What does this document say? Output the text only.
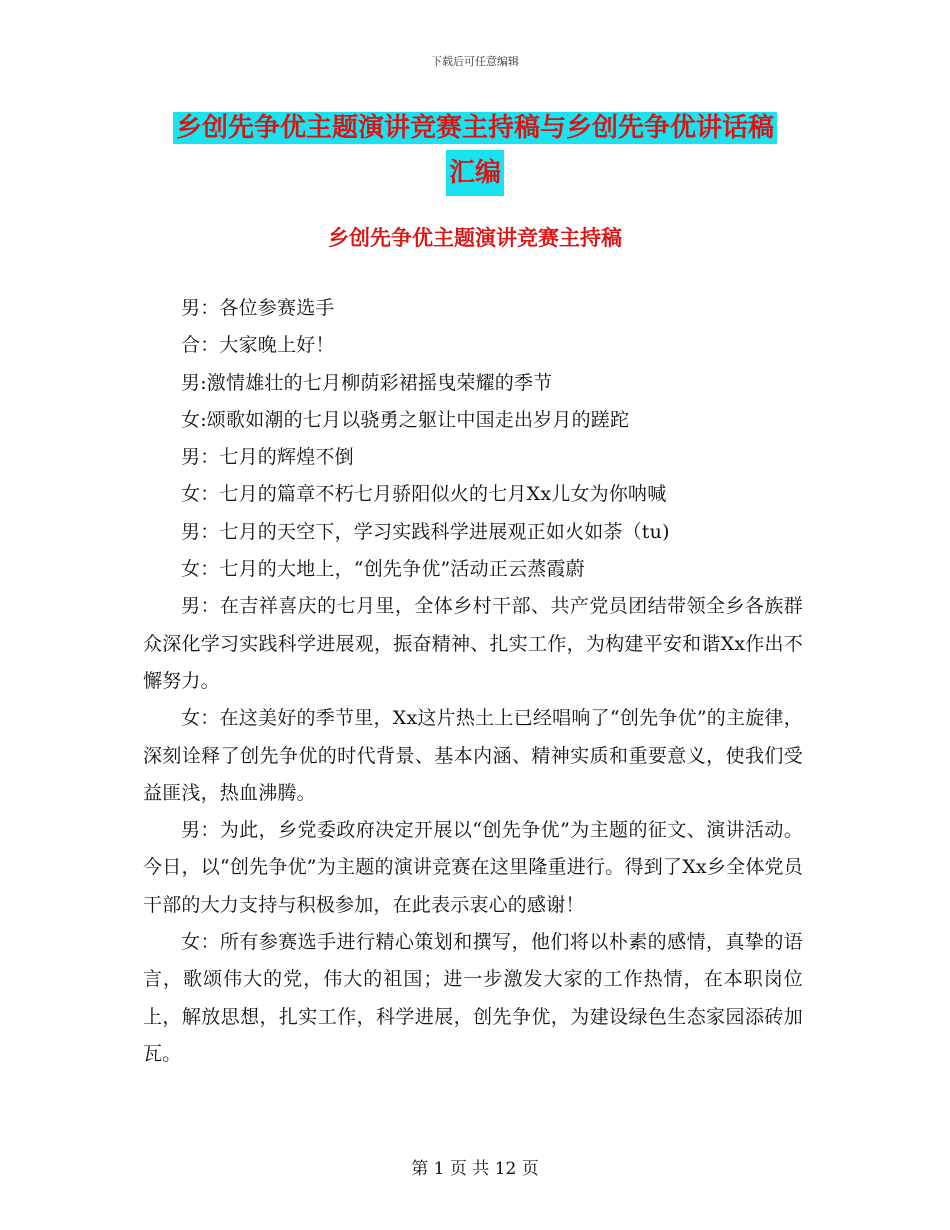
下载后可任意编辑
乡创先争优主题演讲竞赛主持稿与乡创先争优讲话稿
汇编
乡创先争优主题演讲竞赛主持稿

男：各位参赛选手

合：大家晚上好！

男:激情雄壮的七月柳荫彩裙摇曳荣耀的季节

女:颂歌如潮的七月以骁勇之躯让中国走出岁月的蹉跎

男：七月的辉煌不倒

女：七月的篇章不朽七月骄阳似火的七月Xx儿女为你呐喊

男：七月的天空下，学习实践科学进展观正如火如荼（tu)

女：七月的大地上，“创先争优”活动正云蒸霞蔚

男：在吉祥喜庆的七月里，全体乡村干部、共产党员团结带领全乡各族群众深化学习实践科学进展观，振奋精神、扎实工作，为构建平安和谐Xx作出不懈努力。

女：在这美好的季节里，Xx这片热土上已经唱响了“创先争优”的主旋律，深刻诠释了创先争优的时代背景、基本内涵、精神实质和重要意义，使我们受益匪浅，热血沸腾。

男：为此，乡党委政府决定开展以“创先争优”为主题的征文、演讲活动。今日，以“创先争优”为主题的演讲竞赛在这里隆重进行。得到了Xx乡全体党员干部的大力支持与积极参加，在此表示衷心的感谢！

女：所有参赛选手进行精心策划和撰写，他们将以朴素的感情，真挚的语言，歌颂伟大的党，伟大的祖国；进一步激发大家的工作热情，在本职岗位上，解放思想，扎实工作，科学进展，创先争优，为建设绿色生态家园添砖加瓦。

第 1 页 共 12 页
